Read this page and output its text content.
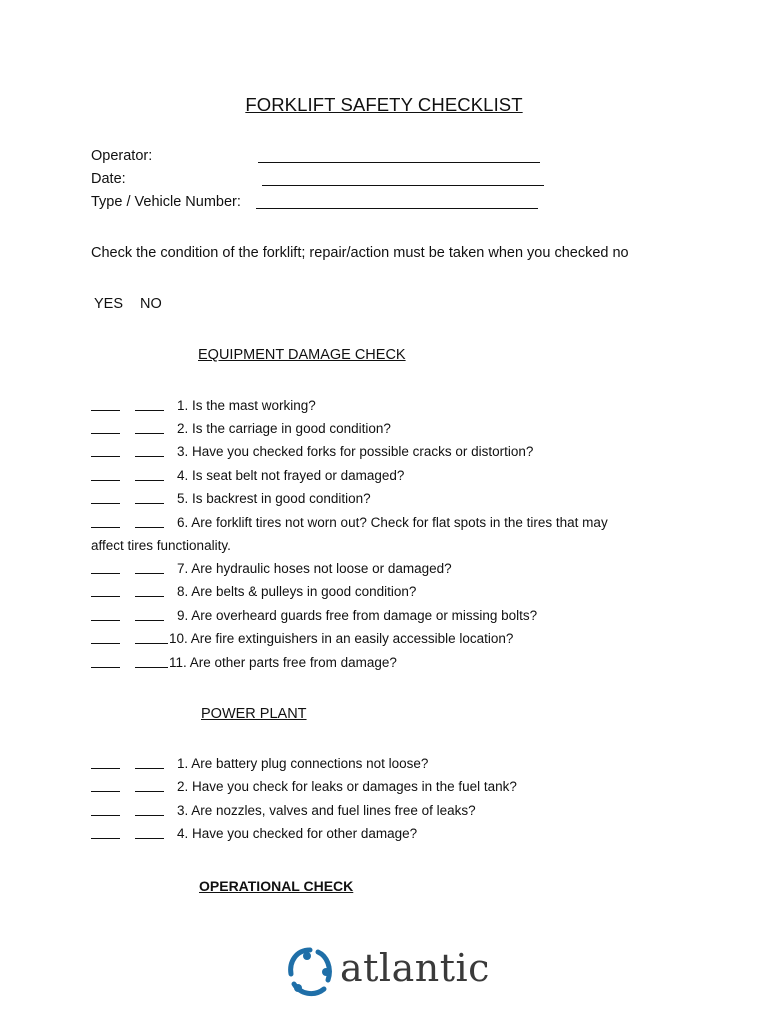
FORKLIFT SAFETY CHECKLIST
Operator:
Date:
Type / Vehicle Number:
Check the condition of the forklift; repair/action must be taken when you checked no
YES NO
EQUIPMENT DAMAGE CHECK
1. Is the mast working?
2. Is the carriage in good condition?
3. Have you checked forks for possible cracks or distortion?
4. Is seat belt not frayed or damaged?
5. Is backrest in good condition?
6. Are forklift tires not worn out? Check for flat spots in the tires that may
affect tires functionality.
7. Are hydraulic hoses not loose or damaged?
8. Are belts & pulleys in good condition?
9. Are overheard guards free from damage or missing bolts?
10. Are fire extinguishers in an easily accessible location?
11. Are other parts free from damage?
POWER PLANT
1. Are battery plug connections not loose?
2. Have you check for leaks or damages in the fuel tank?
3. Are nozzles, valves and fuel lines free of leaks?
4. Have you checked for other damage?
OPERATIONAL CHECK
atlantic
